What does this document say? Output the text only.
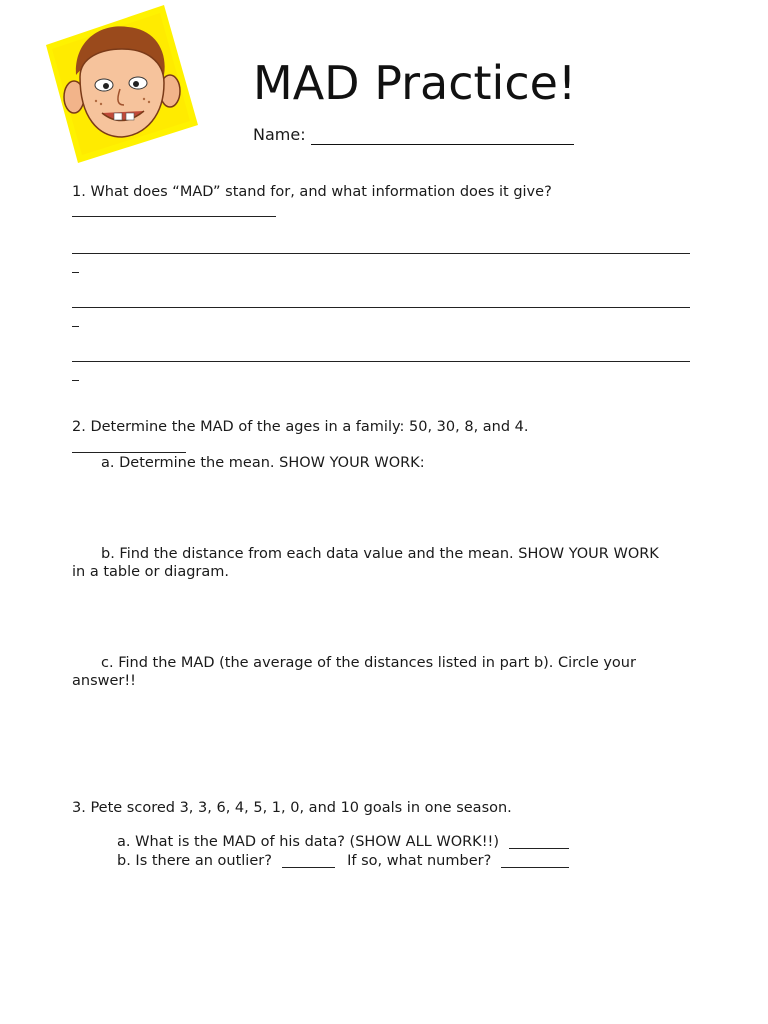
MAD Practice!
Name:
1. What does “MAD” stand for, and what information does it give?
2. Determine the MAD of the ages in a family: 50, 30, 8, and 4.
a. Determine the mean. SHOW YOUR WORK:
b. Find the distance from each data value and the mean. SHOW YOUR WORK
in a table or diagram.
c. Find the MAD (the average of the distances listed in part b). Circle your
answer!!
3. Pete scored 3, 3, 6, 4, 5, 1, 0, and 10 goals in one season.
a. What is the MAD of his data? (SHOW ALL WORK!!)
b. Is there an outlier?	If so, what number?
